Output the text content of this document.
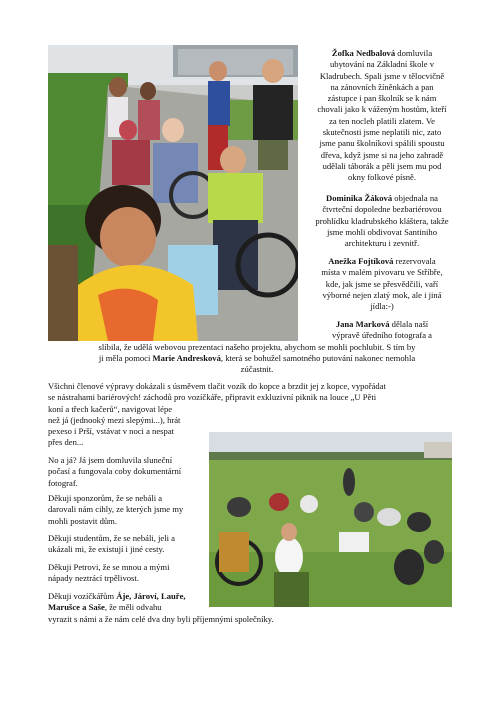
Žofka Nedbalová domluvila
ubytování na Základní škole v
Kladrubech. Spali jsme v tělocvičně
na zánovních žíněnkách a pan
zástupce i pan školník se k nám
chovali jako k váženým hostům, kteří
za ten nocleh platili zlatem. Ve
skutečnosti jsme neplatili nic, zato
jsme panu školníkovi spálili spoustu
dřeva, když jsme si na jeho zahradě
udělali táborák a pěli jsem mu pod
okny folkové písně.

Dominika Žáková objednala na
čtvrteční dopoledne bezbariérovou
prohlídku kladrubského kláštera, takže
jsme mohli obdivovat Santiniho
architekturu i zevnitř.

Anežka Fojtíková rezervovala
místa v malém pivovaru ve Stříbře,
kde, jak jsme se přesvědčili, vaří
výborné nejen zlatý mok, ale i jiná
jídla:-)

Jana Marková dělala naší
výpravě úředního fotografa a
slíbila, že udělá webovou prezentaci našeho projektu, abychom se mohli pochlubit. S tím by
ji měla pomoci Marie Andresková, která se bohužel samotného putování nakonec nemohla
zúčastnit.

Všichni členové výpravy dokázali s úsměvem tlačit vozík do kopce a brzdit jej z kopce, vypořádat
se nástrahami bariérových! záchodů pro vozíčkáře, připravit exkluzivní piknik na louce „U Pěti
koní a třech kačerů“, navigovat lépe
než já (jednooký mezi slepými...), hrát
pexeso i Prší, vstávat v noci a nespat
přes den...

No a já? Já jsem domluvila sluneční
počasí a fungovala coby dokumentární
fotograf.

Děkuji sponzorům, že se nebáli a
darovali nám cihly, ze kterých jsme my
mohli postavit dům.

Děkuji studentům, že se nebáli, jeli a
ukázali mi, že existují i jiné cesty.

Děkuji Petrovi, že se mnou a mými
nápady neztrácí trpělivost.

Děkuji vozíčkářům Áje, Jároví, Lauře,
Marušce a Saše, že měli odvahu
vyrazit s námi a že nám celé dva dny byli příjemnými společníky.
